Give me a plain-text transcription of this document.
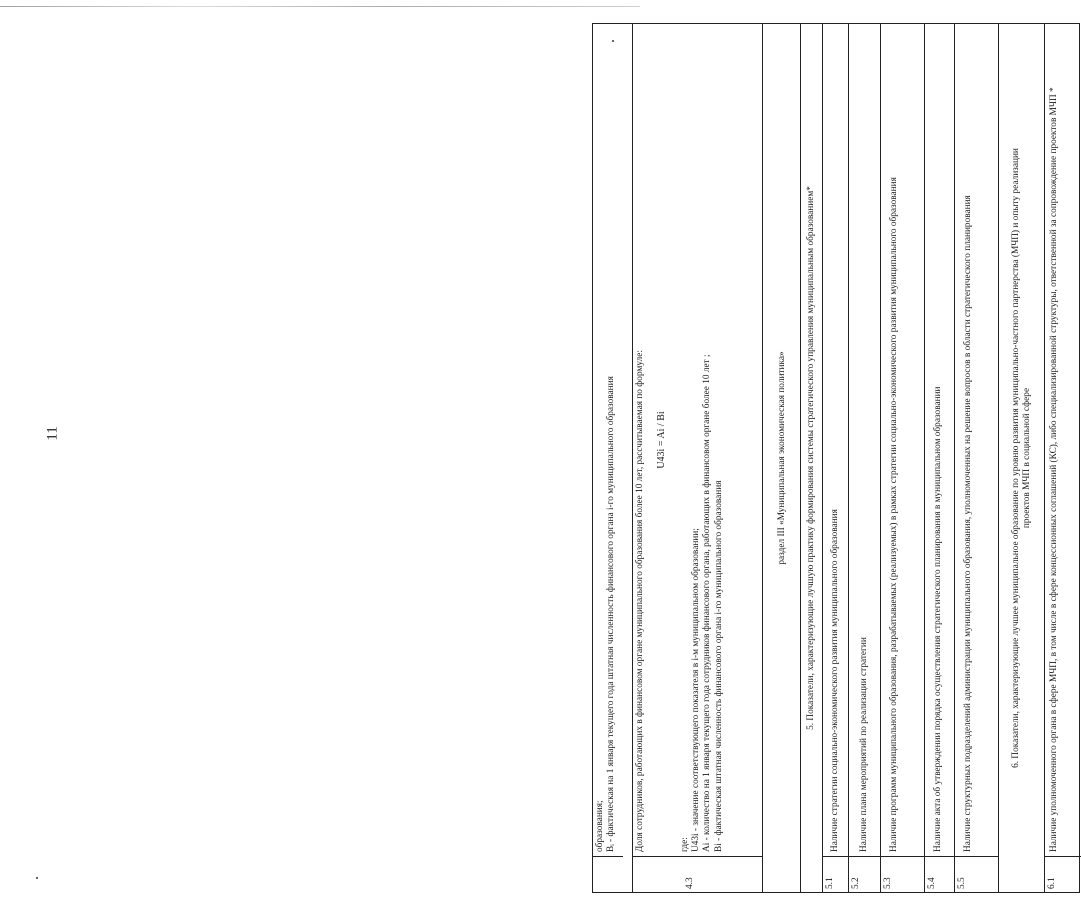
11

образования; Bᵢ - фактическая на 1 января текущего года штатная численность финансового органа i-го муниципального образования

4.3

Доля сотрудников, работающих в финансовом органе муниципального образования более 10 лет, рассчитываемая по формуле: U43i = Ai / Bi

где: U43i - значение соответствующего показателя в i-м муниципальном образовании; Ai - количество на 1 января текущего года сотрудников финансового органа, работающих в финансовом органе более 10 лет ; Bi - фактическая штатная численность финансового органа i-го муниципального образования

раздел III «Муниципальная экономическая политика»	5. Показатели, характеризующие лучшую практику формирования системы стратегического управления муниципальным образованием*
5.1
Наличие стратегии социально-экономического развития муниципального образования
5.2
Наличие плана мероприятий по реализации стратегии
5.3
Наличие программ муниципального образования, разрабатываемых (реализуемых) в рамках стратегии социально-экономического развития муниципального образования
5.4
Наличие акта об утверждении порядка осуществления стратегического планирования в муниципальном образовании
5.5
Наличие структурных подразделений администрации муниципального образования, уполномоченных на решение вопросов в области стратегического планирования	6. Показатели, характеризующие лучшее муниципальное образование по уровню развития муниципально-частного партнерства (МЧП) и опыту реализации проектов МЧП в социальной сфере
6.1
Наличие уполномоченного органа в сфере МЧП, в том числе в сфере концессионных соглашений (КС), либо специализированной структуры, ответственной за сопровождение проектов МЧП *
